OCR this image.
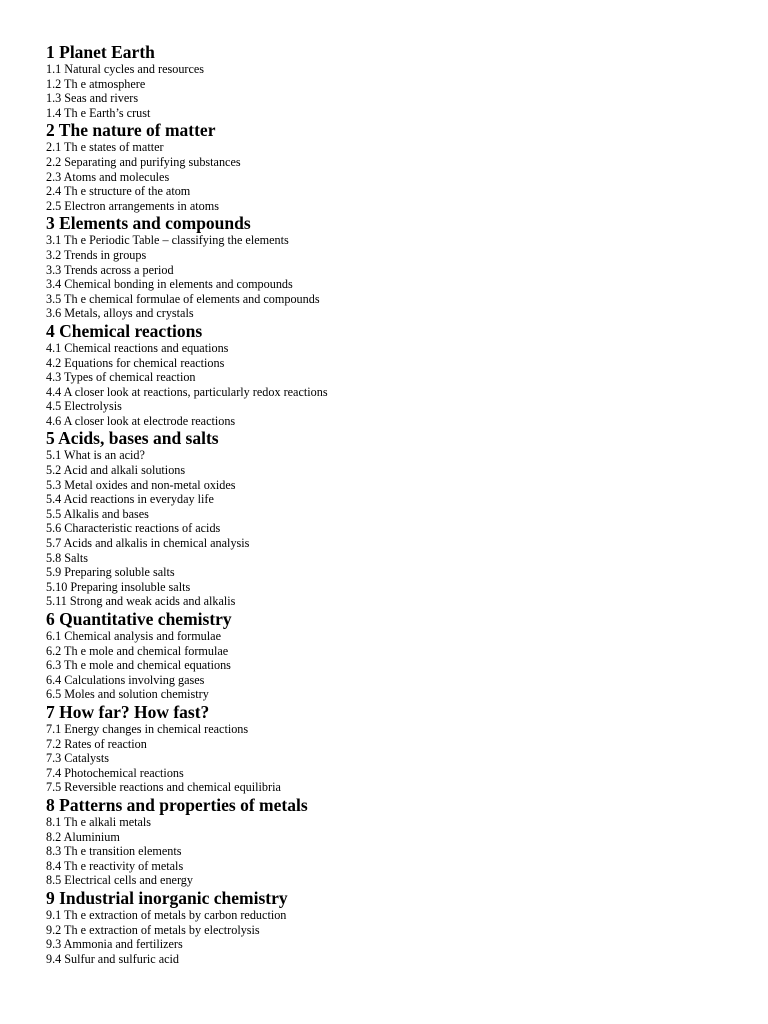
1 Planet Earth
1.1 Natural cycles and resources
1.2 Th e atmosphere
1.3 Seas and rivers
1.4 Th e Earth’s crust
2 The nature of matter
2.1 Th e states of matter
2.2 Separating and purifying substances
2.3 Atoms and molecules
2.4 Th e structure of the atom
2.5 Electron arrangements in atoms
3 Elements and compounds
3.1 Th e Periodic Table – classifying the elements
3.2 Trends in groups
3.3 Trends across a period
3.4 Chemical bonding in elements and compounds
3.5 Th e chemical formulae of elements and compounds
3.6 Metals, alloys and crystals
4 Chemical reactions
4.1 Chemical reactions and equations
4.2 Equations for chemical reactions
4.3 Types of chemical reaction
4.4 A closer look at reactions, particularly redox reactions
4.5 Electrolysis
4.6 A closer look at electrode reactions
5 Acids, bases and salts
5.1 What is an acid?
5.2 Acid and alkali solutions
5.3 Metal oxides and non-metal oxides
5.4 Acid reactions in everyday life
5.5 Alkalis and bases
5.6 Characteristic reactions of acids
5.7 Acids and alkalis in chemical analysis
5.8 Salts
5.9 Preparing soluble salts
5.10 Preparing insoluble salts
5.11 Strong and weak acids and alkalis
6 Quantitative chemistry
6.1 Chemical analysis and formulae
6.2 Th e mole and chemical formulae
6.3 Th e mole and chemical equations
6.4 Calculations involving gases
6.5 Moles and solution chemistry
7 How far? How fast?
7.1 Energy changes in chemical reactions
7.2 Rates of reaction
7.3 Catalysts
7.4 Photochemical reactions
7.5 Reversible reactions and chemical equilibria
8 Patterns and properties of metals
8.1 Th e alkali metals
8.2 Aluminium
8.3 Th e transition elements
8.4 Th e reactivity of metals
8.5 Electrical cells and energy
9 Industrial inorganic chemistry
9.1 Th e extraction of metals by carbon reduction
9.2 Th e extraction of metals by electrolysis
9.3 Ammonia and fertilizers
9.4 Sulfur and sulfuric acid
